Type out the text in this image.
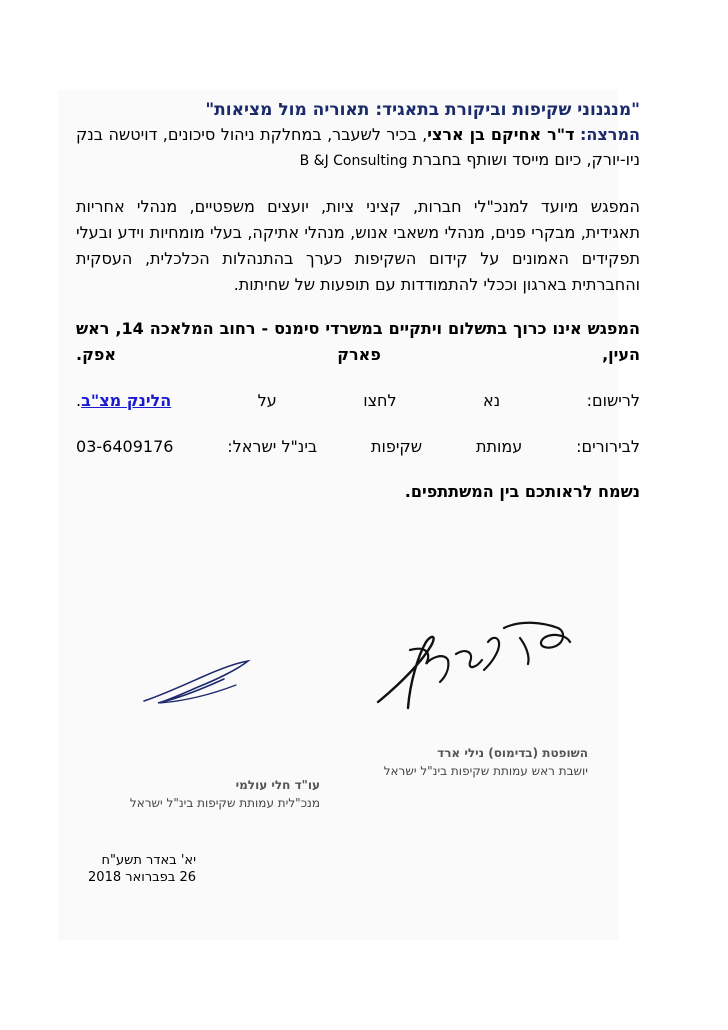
"מנגנוני שקיפות וביקורת בתאגיד: תאוריה מול מציאות"

המרצה: ד"ר אחיקם בן ארצי, בכיר לשעבר, במחלקת ניהול סיכונים, דויטשה בנק ניו-יורק, כיום מייסד ושותף בחברת B &J Consulting

המפגש מיועד למנכ"לי חברות, קציני ציות, יועצים משפטיים, מנהלי אחריות תאגידית, מבקרי פנים, מנהלי משאבי אנוש, מנהלי אתיקה, בעלי מומחיות וידע ובעלי תפקידים האמונים על קידום השקיפות כערך בהתנהלות הכלכלית, העסקית והחברתית בארגון וככלי להתמודדות עם תופעות של שחיתות.

המפגש אינו כרוך בתשלום ויתקיים במשרדי סימנס - רחוב המלאכה 14, ראש העין, פארק אפק.

לרישום:
נא
לחצו
על
הלינק מצ"ב.
לבירורים:
עמותת
שקיפות
בינ"ל ישראל:
03-6409176

נשמח לראותכם בין המשתתפים.

השופטת (בדימוס) נילי ארד
יושבת ראש עמותת שקיפות בינ"ל ישראל
עו"ד חלי עולמי
מנכ"לית עמותת שקיפות בינ"ל ישראל
יא' באדר תשע"ח
26 בפברואר 2018
